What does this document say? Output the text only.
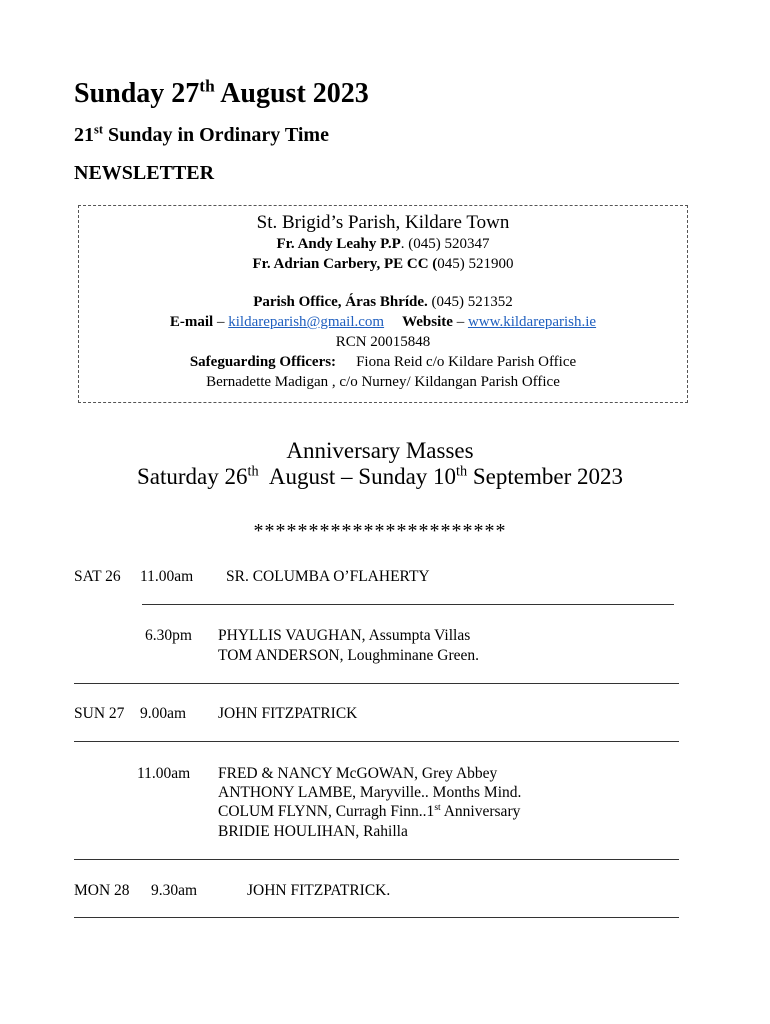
Sunday 27th August 2023
21st Sunday in Ordinary Time
NEWSLETTER
St. Brigid’s Parish, Kildare Town
Fr. Andy Leahy P.P. (045) 520347
Fr. Adrian Carbery, PE CC (045) 521900
Parish Office, Áras Bhríde. (045) 521352
E-mail – kildareparish@gmail.com Website – www.kildareparish.ie
RCN 20015848
Safeguarding Officers: Fiona Reid c/o Kildare Parish Office
Bernadette Madigan , c/o Nurney/ Kildangan Parish Office
Anniversary Masses
Saturday 26th  August – Sunday 10th September 2023
***********************
SAT 26 11.00am SR. COLUMBA O’FLAHERTY
6.30pm PHYLLIS VAUGHAN, Assumpta Villas
TOM ANDERSON, Loughminane Green.
SUN 27 9.00am JOHN FITZPATRICK
11.00am FRED & NANCY McGOWAN, Grey Abbey
ANTHONY LAMBE, Maryville.. Months Mind.
COLUM FLYNN, Curragh Finn..1st Anniversary
BRIDIE HOULIHAN, Rahilla
MON 28 9.30am	JOHN FITZPATRICK.
